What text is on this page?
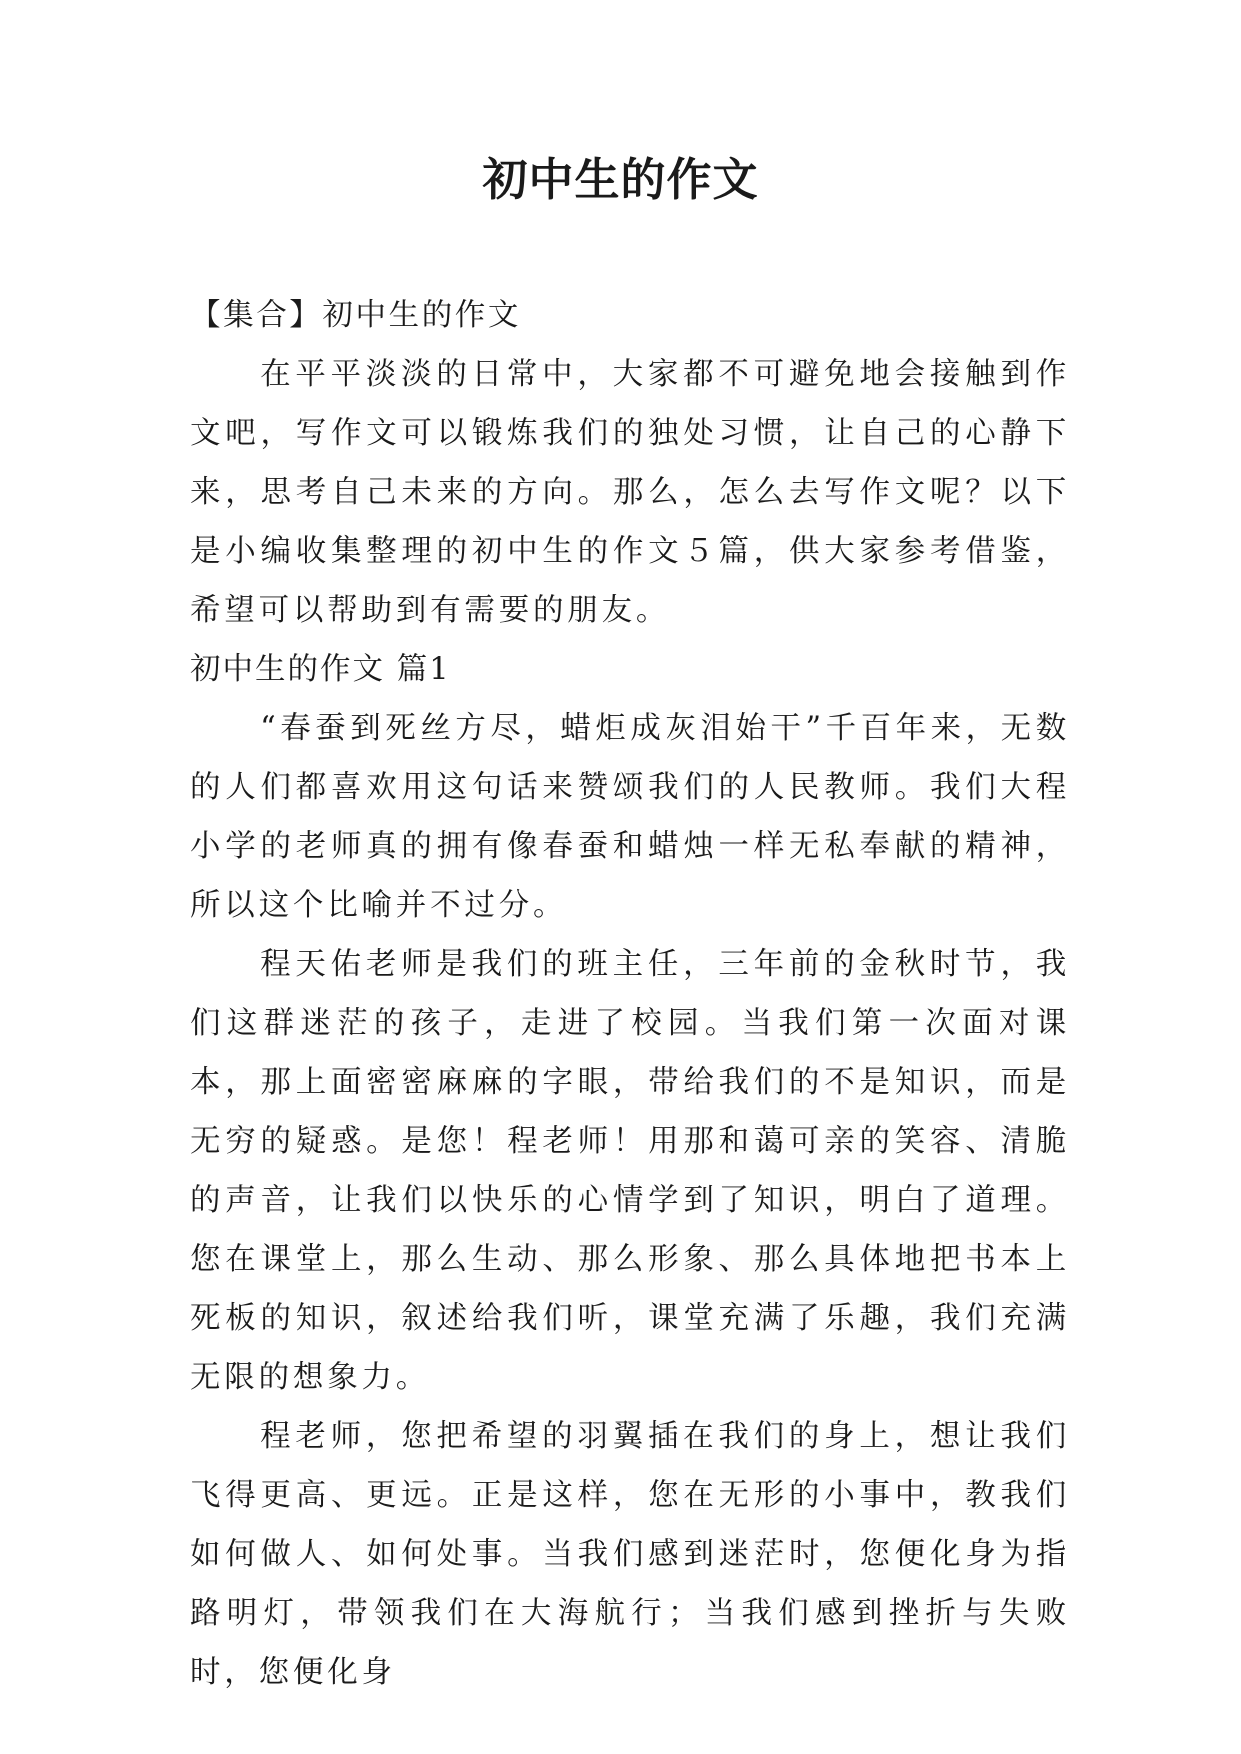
初中生的作文

【集合】初中生的作文

在平平淡淡的日常中，大家都不可避免地会接触到作文吧，写作文可以锻炼我们的独处习惯，让自己的心静下来，思考自己未来的方向。那么，怎么去写作文呢？以下是小编收集整理的初中生的作文５篇，供大家参考借鉴，希望可以帮助到有需要的朋友。

初中生的作文 篇1

“春蚕到死丝方尽，蜡炬成灰泪始干”千百年来，无数的人们都喜欢用这句话来赞颂我们的人民教师。我们大程小学的老师真的拥有像春蚕和蜡烛一样无私奉献的精神，所以这个比喻并不过分。

程天佑老师是我们的班主任，三年前的金秋时节，我们这群迷茫的孩子，走进了校园。当我们第一次面对课本，那上面密密麻麻的字眼，带给我们的不是知识，而是无穷的疑惑。是您！程老师！用那和蔼可亲的笑容、清脆的声音，让我们以快乐的心情学到了知识，明白了道理。您在课堂上，那么生动、那么形象、那么具体地把书本上死板的知识，叙述给我们听，课堂充满了乐趣，我们充满无限的想象力。

程老师，您把希望的羽翼插在我们的身上，想让我们飞得更高、更远。正是这样，您在无形的小事中，教我们如何做人、如何处事。当我们感到迷茫时，您便化身为指路明灯，带领我们在大海航行；当我们感到挫折与失败时，您便化身
